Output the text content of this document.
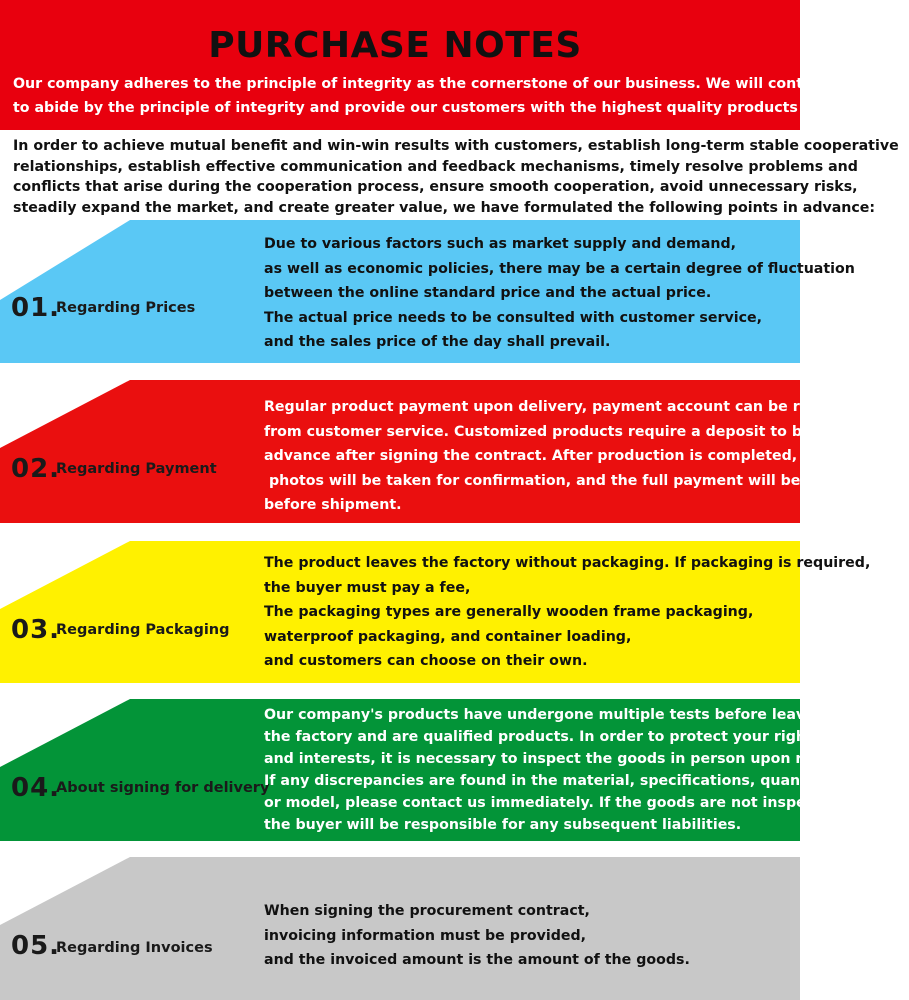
PURCHASE NOTES
Our company adheres to the principle of integrity as the cornerstone of our business. We will continue
to abide by the principle of integrity and provide our customers with the highest quality products and services.
In order to achieve mutual benefit and win-win results with customers, establish long-term stable cooperative
relationships, establish effective communication and feedback mechanisms, timely resolve problems and
conflicts that arise during the cooperation process, ensure smooth cooperation, avoid unnecessary risks,
steadily expand the market, and create greater value, we have formulated the following points in advance:
01.
Regarding Prices
Due to various factors such as market supply and demand,
as well as economic policies, there may be a certain degree of fluctuation
between the online standard price and the actual price.
The actual price needs to be consulted with customer service,
and the sales price of the day shall prevail.
02.
Regarding Payment
Regular product payment upon delivery, payment account can be requested
from customer service. Customized products require a deposit to be paid in
advance after signing the contract. After production is completed,
photos will be taken for confirmation, and the full payment will be made
before shipment.
03.
Regarding Packaging
The product leaves the factory without packaging. If packaging is required,
the buyer must pay a fee,
The packaging types are generally wooden frame packaging,
waterproof packaging, and container loading,
and customers can choose on their own.
04.
About signing for delivery
Our company's products have undergone multiple tests before leaving
the factory and are qualified products. In order to protect your rights
and interests, it is necessary to inspect the goods in person upon receipt.
If any discrepancies are found in the material, specifications, quantity,
or model, please contact us immediately. If the goods are not inspected,
the buyer will be responsible for any subsequent liabilities.
05.
Regarding Invoices
When signing the procurement contract,
invoicing information must be provided,
and the invoiced amount is the amount of the goods.
